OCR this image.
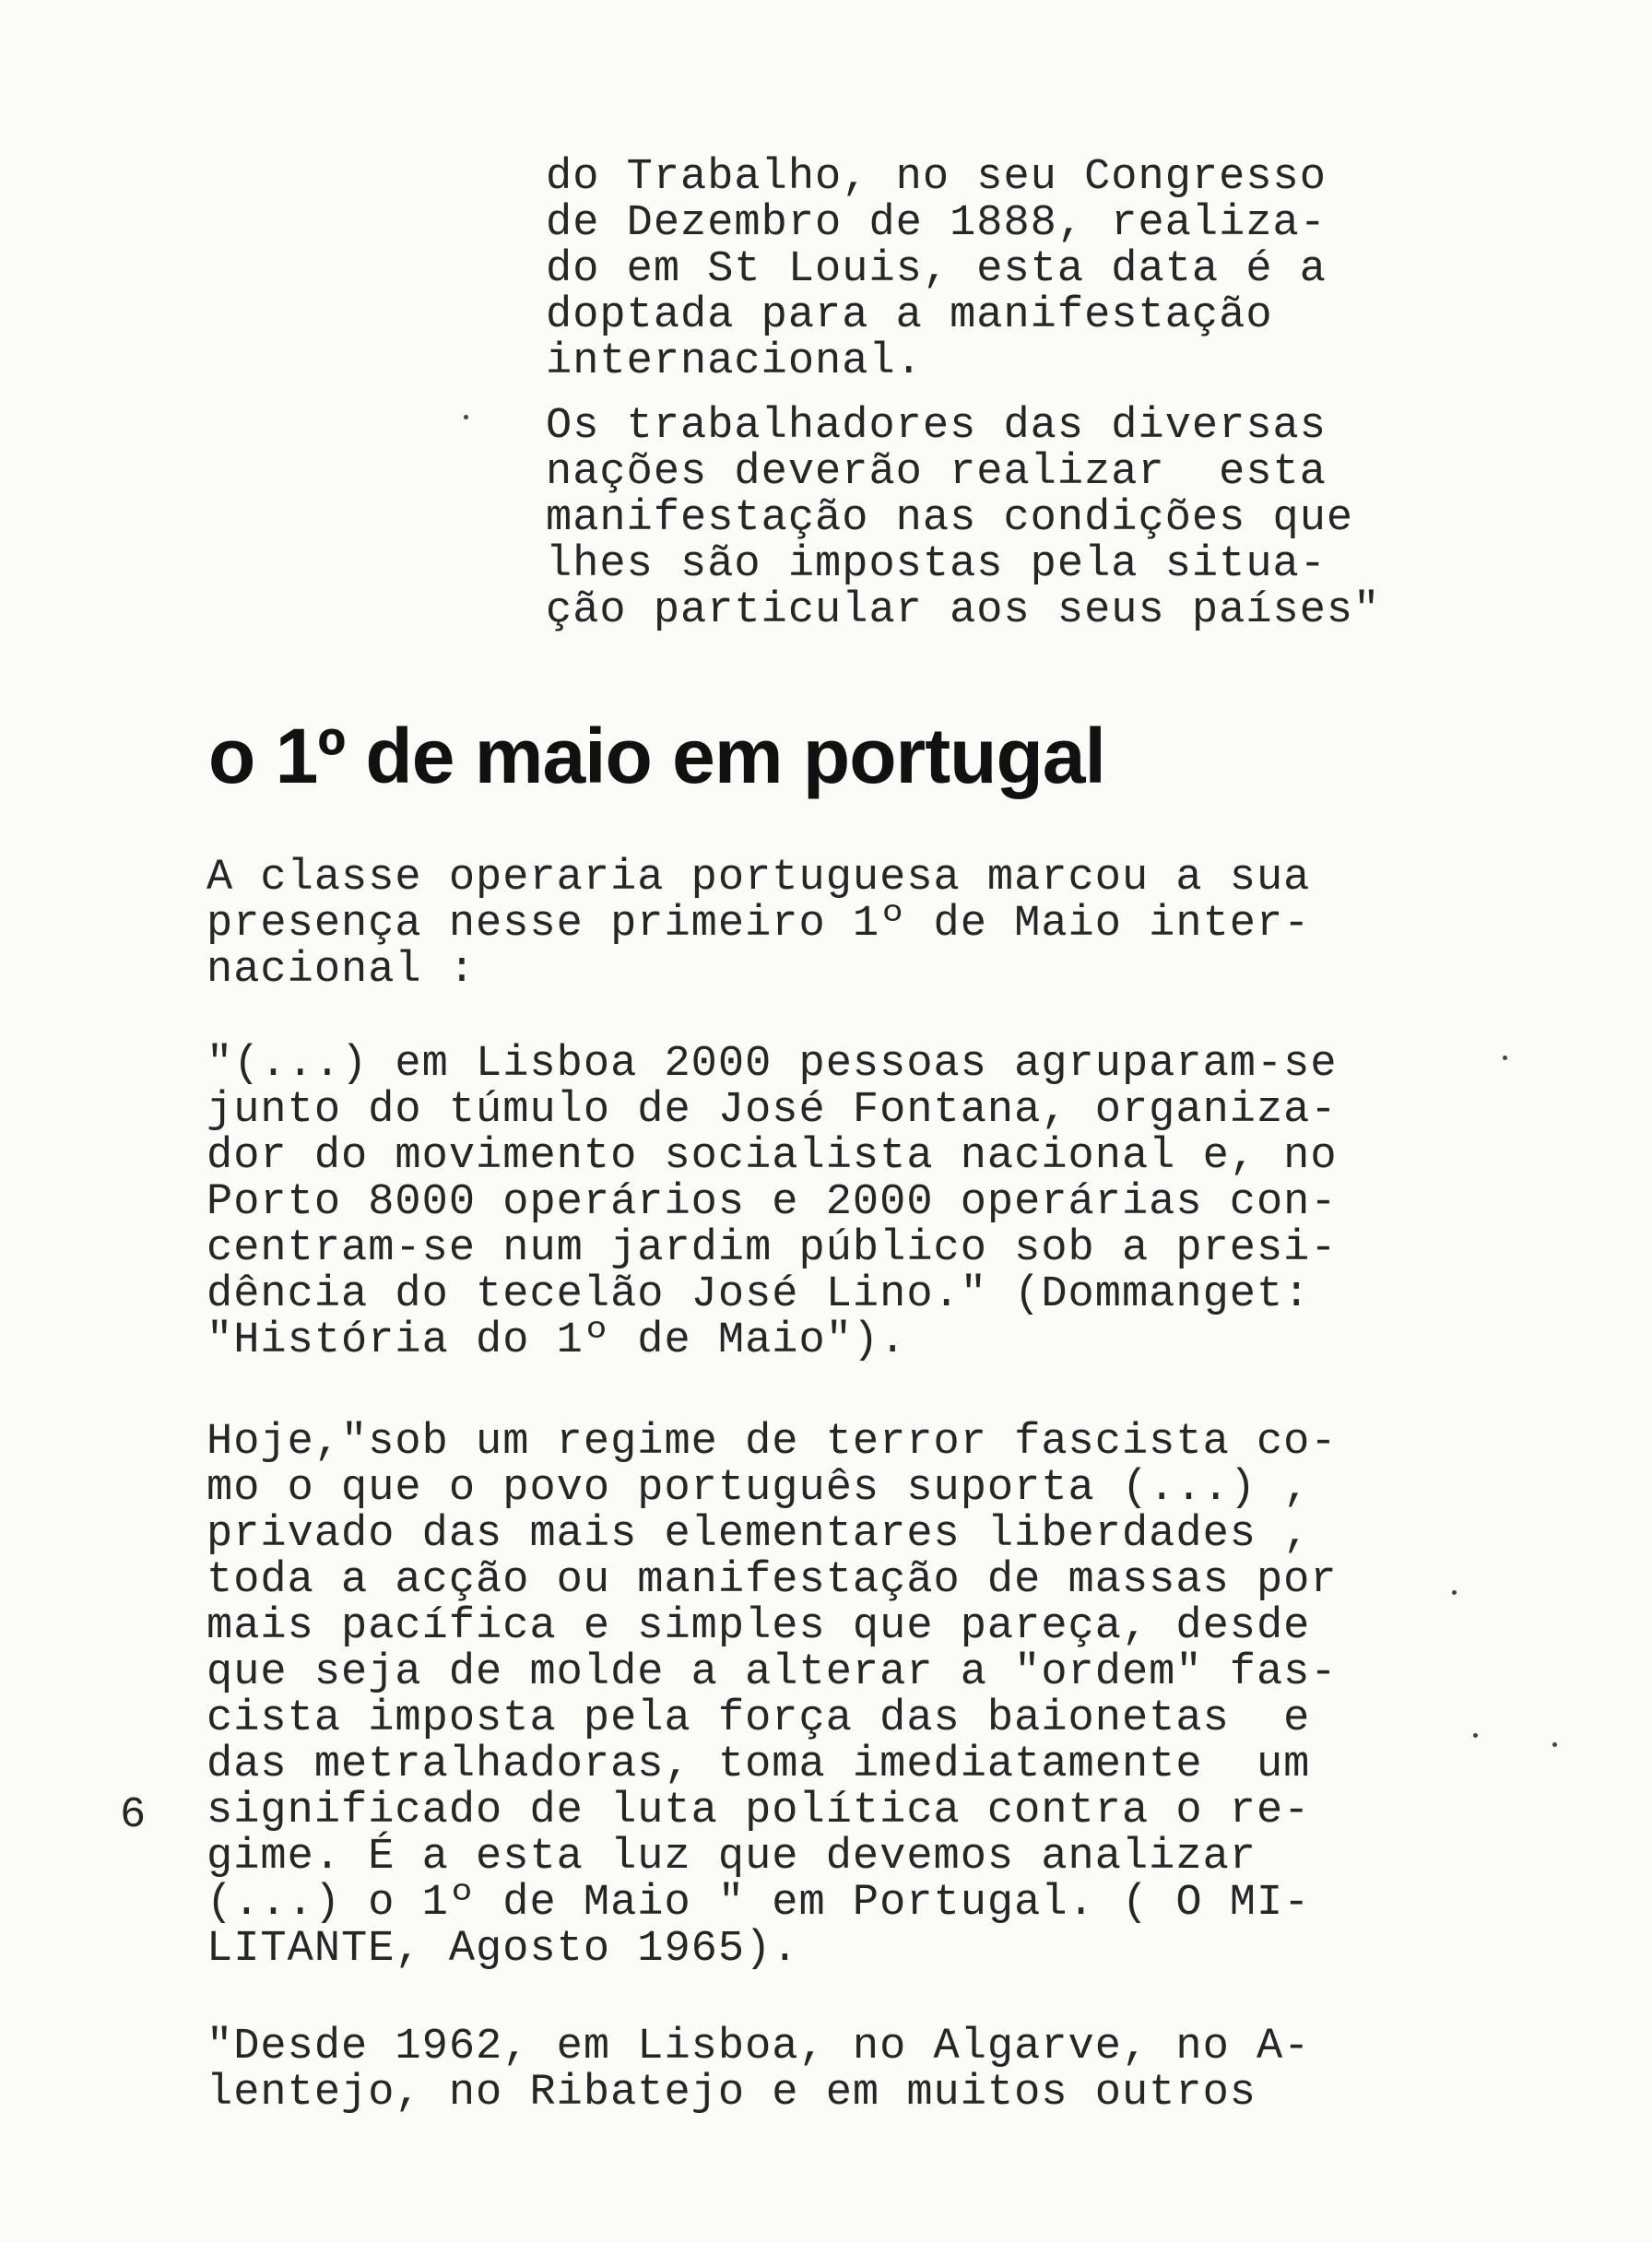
do Trabalho, no seu Congresso
de Dezembro de 1888, realiza-
do em St Louis, esta data é a
doptada para a manifestação
internacional.
Os trabalhadores das diversas
nações deverão realizar  esta
manifestação nas condições que
lhes são impostas pela situa-
ção particular aos seus países"
o 1º de maio em portugal
A classe operaria portuguesa marcou a sua
presença nesse primeiro 1º de Maio inter-
nacional :
"(...) em Lisboa 2000 pessoas agruparam-se
junto do túmulo de José Fontana, organiza-
dor do movimento socialista nacional e, no
Porto 8000 operários e 2000 operárias con-
centram-se num jardim público sob a presi-
dência do tecelão José Lino." (Dommanget:
"História do 1º de Maio").
Hoje,"sob um regime de terror fascista co-
mo o que o povo português suporta (...) ,
privado das mais elementares liberdades ,
toda a acção ou manifestação de massas por
mais pacífica e simples que pareça, desde
que seja de molde a alterar a "ordem" fas-
cista imposta pela força das baionetas  e
das metralhadoras, toma imediatamente  um
significado de luta política contra o re-
gime. É a esta luz que devemos analizar
(...) o 1º de Maio " em Portugal. ( O MI-
LITANTE, Agosto 1965).
"Desde 1962, em Lisboa, no Algarve, no A-
lentejo, no Ribatejo e em muitos outros
6
